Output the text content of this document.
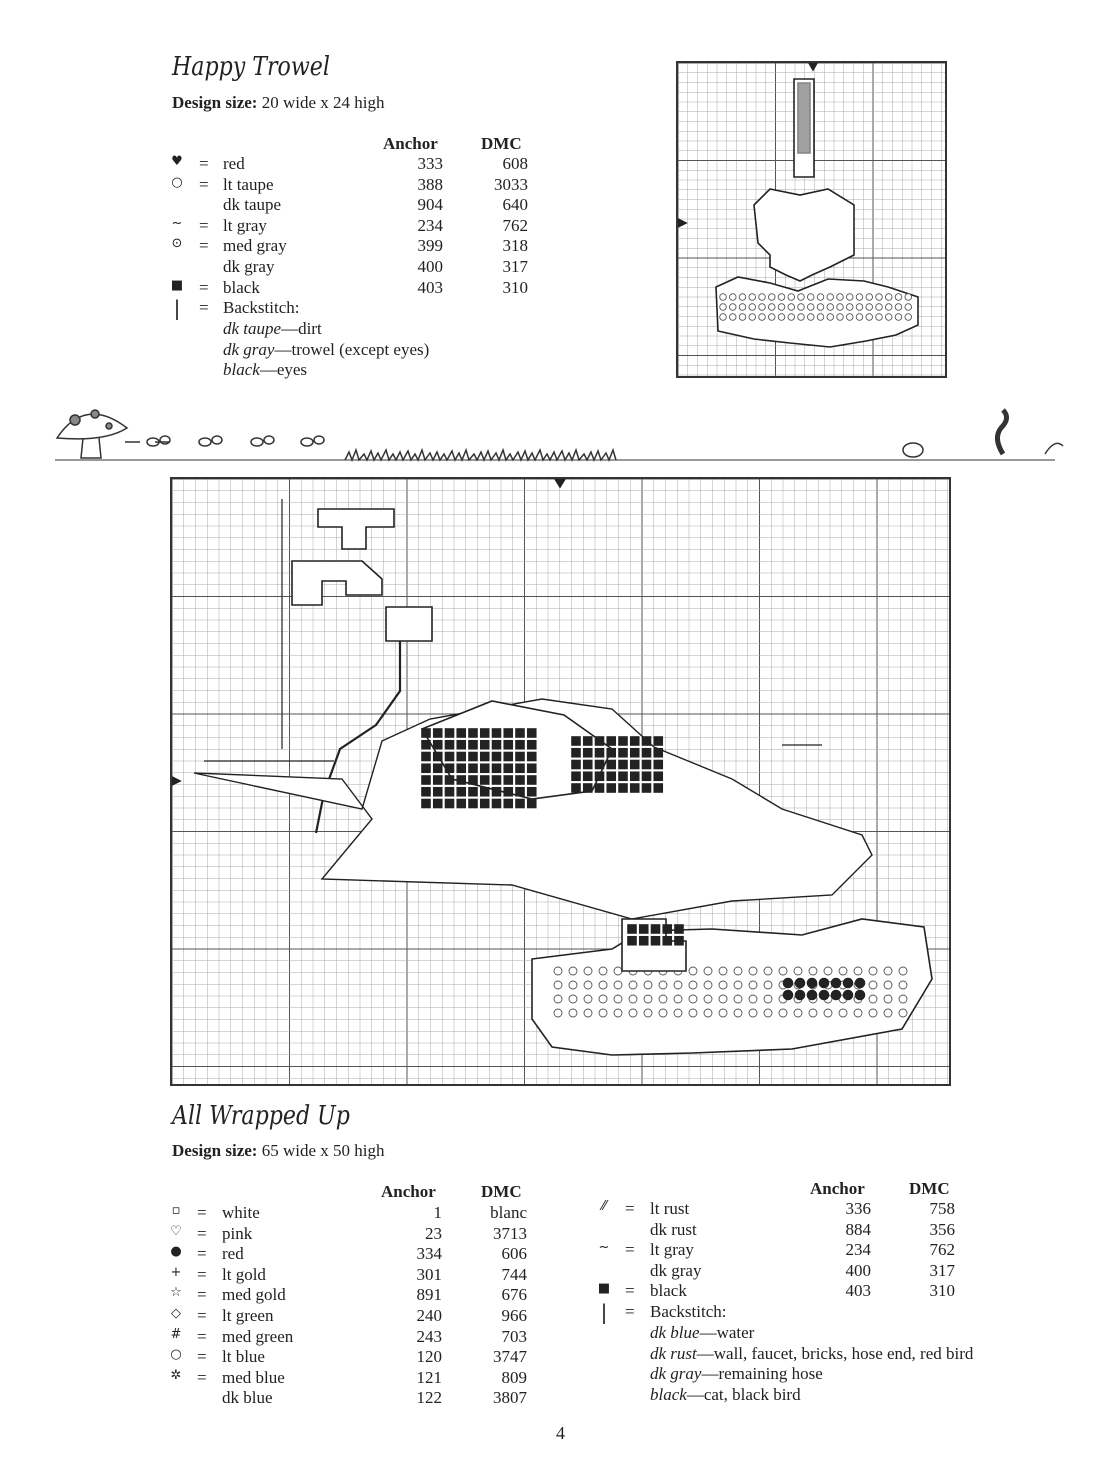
Happy Trowel
Design size: 20 wide x 24 high
Anchor	DMC
♥ = red	333	608
○ = lt taupe	388	3033
dk taupe	904	640
~ = lt gray	234	762
⊙ = med gray	399	318
dk gray	400	317
■ = black	403	310
| = Backstitch:
All Wrapped Up
Design size: 65 wide x 50 high
Anchor	DMC	Anchor	DMC
▫ = white	1	blanc
♡ = pink	23	3713
● = red	334	606
+ = lt gold	301	744
☆ = med gold	891	676
◇ = lt green	240	966
# = med green	243	703
○ = lt blue	120	3747
✲ = med blue	121	809
dk blue	122	3807
⁄⁄ = lt rust	336	758
dk rust	884	356
~ = lt gray	234	762
dk gray	400	317
■ = black	403	310
| = Backstitch:
4
dk taupe—dirt
dk gray—trowel (except eyes)
black—eyes
dk blue—water
dk rust—wall, faucet, bricks, hose end, red bird
dk gray—remaining hose
black—cat, black bird
